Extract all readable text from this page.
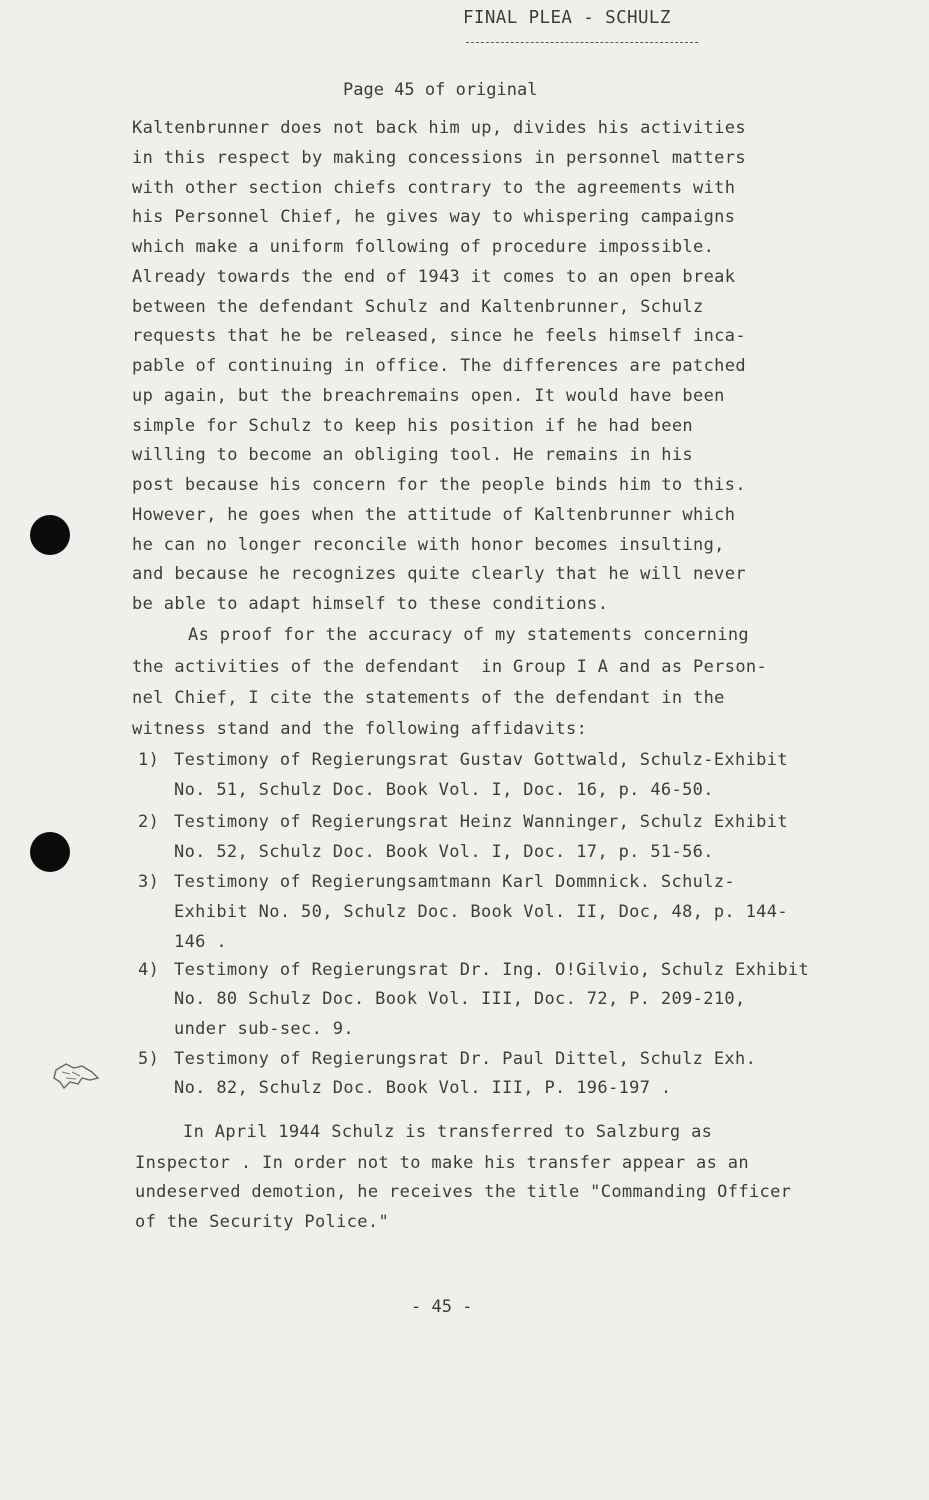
FINAL PLEA - SCHULZ
Page 45 of original
Kaltenbrunner does not back him up, divides his activities
in this respect by making concessions in personnel matters
with other section chiefs contrary to the agreements with
his Personnel Chief, he gives way to whispering campaigns
which make a uniform following of procedure impossible.
Already towards the end of 1943 it comes to an open break
between the defendant Schulz and Kaltenbrunner, Schulz
requests that he be released, since he feels himself inca-
pable of continuing in office. The differences are patched
up again, but the breachremains open. It would have been
simple for Schulz to keep his position if he had been
willing to become an obliging tool. He remains in his
post because his concern for the people binds him to this.
However, he goes when the attitude of Kaltenbrunner which
he can no longer reconcile with honor becomes insulting,
and because he recognizes quite clearly that he will never
be able to adapt himself to these conditions.
As proof for the accuracy of my statements concerning
the activities of the defendant  in Group I A and as Person-
nel Chief, I cite the statements of the defendant in the
witness stand and the following affidavits:
1) Testimony of Regierungsrat Gustav Gottwald, Schulz-Exhibit
No. 51, Schulz Doc. Book Vol. I, Doc. 16, p. 46-50.
2) Testimony of Regierungsrat Heinz Wanninger, Schulz Exhibit
No. 52, Schulz Doc. Book Vol. I, Doc. 17, p. 51-56.
3) Testimony of Regierungsamtmann Karl Dommnick. Schulz-
Exhibit No. 50, Schulz Doc. Book Vol. II, Doc, 48, p. 144-
146 .
4) Testimony of Regierungsrat Dr. Ing. O!Gilvio, Schulz Exhibit
No. 80 Schulz Doc. Book Vol. III, Doc. 72, P. 209-210,
under sub-sec. 9.
5) Testimony of Regierungsrat Dr. Paul Dittel, Schulz Exh.
No. 82, Schulz Doc. Book Vol. III, P. 196-197 .
In April 1944 Schulz is transferred to Salzburg as
Inspector . In order not to make his transfer appear as an
undeserved demotion, he receives the title "Commanding Officer
of the Security Police."
- 45 -
